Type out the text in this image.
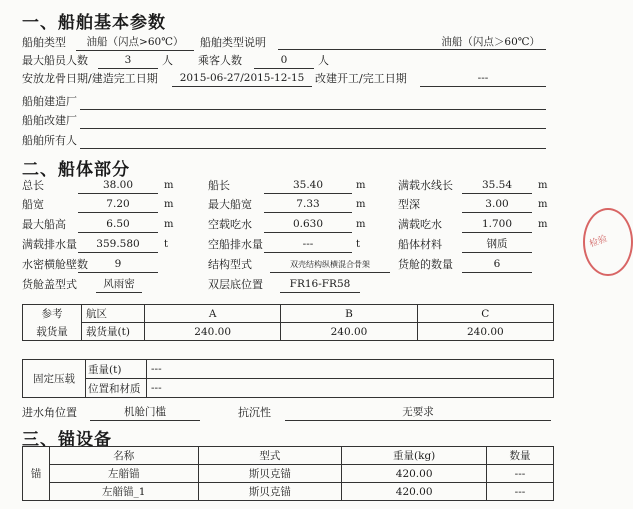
一、船舶基本参数
船舶类型	油船（闪点>60℃）	船舶类型说明	油船（闪点＞60℃）
最大船员人数	3	人 乘客人数	0	人
安放龙骨日期/建造完工日期	2015-06-27/2015-12-15 改建开工/完工日期	---
船舶建造厂
船舶改建厂
船舶所有人
二、船体部分
总长	38.00	m	船长	35.40	m	满载水线长	35.54	m
船宽	7.20	m	最大船宽	7.33	m	型深	3.00	m
最大船高	6.50	m	空载吃水	0.630	m	满载吃水	1.700	m
满载排水量	359.580	t	空船排水量	---	t	船体材料	钢质
水密横舱壁数	9	结构型式	双壳结构纵横混合骨架	货舱的数量	6
货舱盖型式	风雨密	双层底位置	FR16-FR58
参考	航区	A	B	C
载货量	载货量(t)	240.00	240.00	240.00
固定压载	重量(t)	---
	位置和材质	---
进水角位置	机舱门槛	抗沉性	无要求
三、锚设备
锚	名称	型式	重量(kg)	数量
	左艏锚	斯贝克锚	420.00	---
	左艏锚_1	斯贝克锚	420.00	---
检验
